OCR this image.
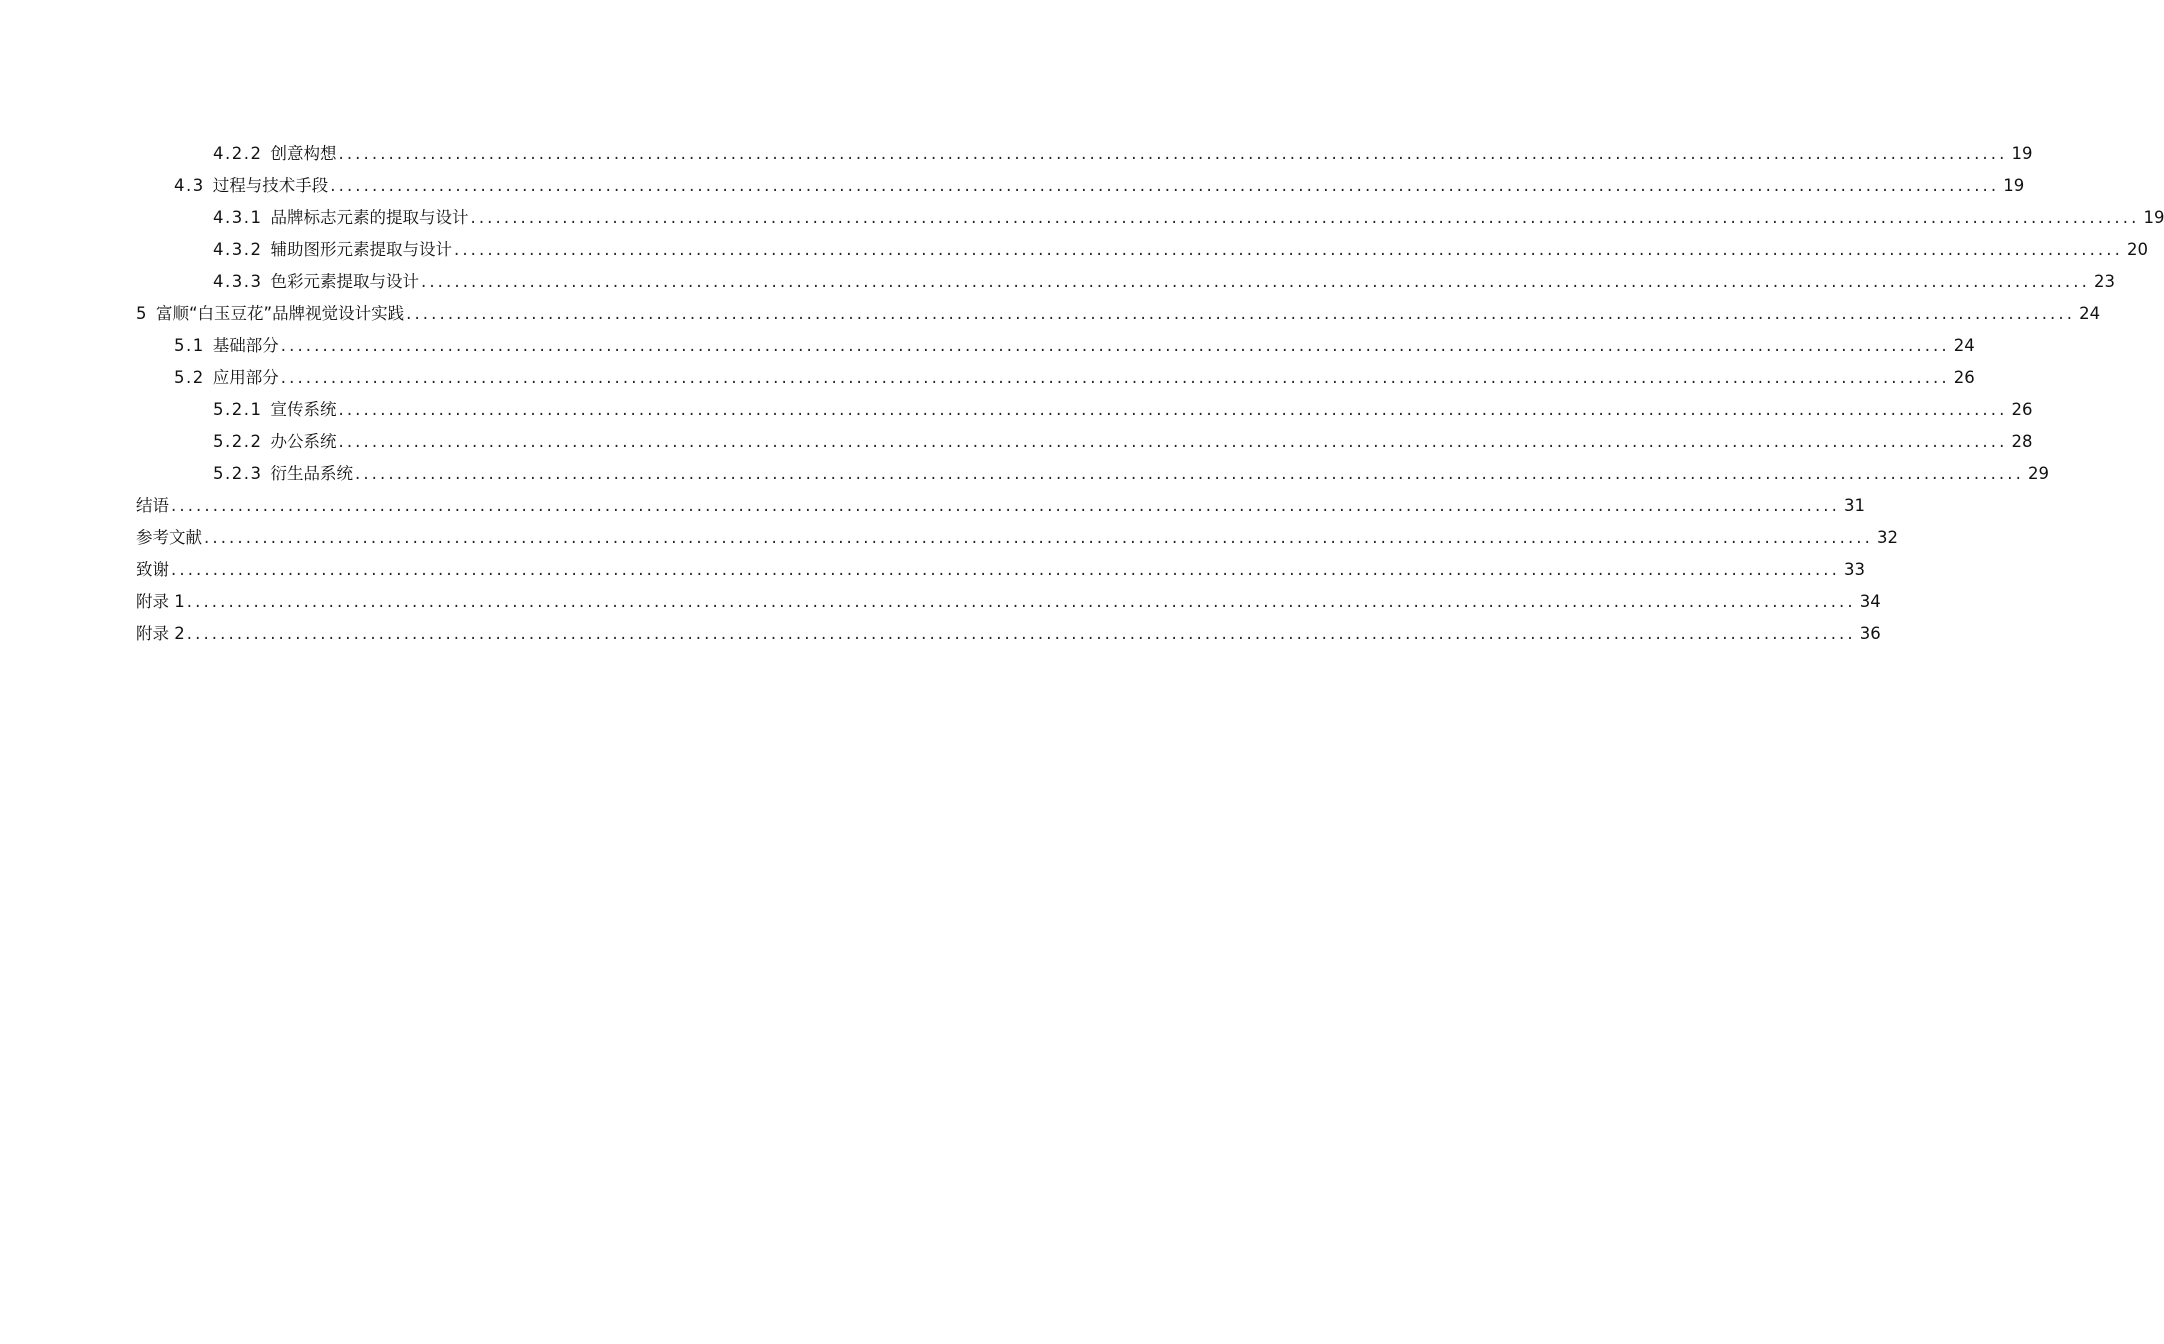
4.2.2 创意构想 ........................................................................................................................................................................................................ 19
4.3 过程与技术手段 ........................................................................................................................................................................................................ 19
4.3.1 品牌标志元素的提取与设计 ........................................................................................................................................................................................................ 19
4.3.2 辅助图形元素提取与设计 ........................................................................................................................................................................................................ 20
4.3.3 色彩元素提取与设计 ........................................................................................................................................................................................................ 23
5 富顺“白玉豆花”品牌视觉设计实践 ........................................................................................................................................................................................................ 24
5.1 基础部分 ........................................................................................................................................................................................................ 24
5.2 应用部分 ........................................................................................................................................................................................................ 26
5.2.1 宣传系统 ........................................................................................................................................................................................................ 26
5.2.2 办公系统 ........................................................................................................................................................................................................ 28
5.2.3 衍生品系统 ........................................................................................................................................................................................................ 29
结语 ........................................................................................................................................................................................................ 31
参考文献 ........................................................................................................................................................................................................ 32
致谢 ........................................................................................................................................................................................................ 33
附录 1 ........................................................................................................................................................................................................ 34
附录 2 ........................................................................................................................................................................................................ 36
